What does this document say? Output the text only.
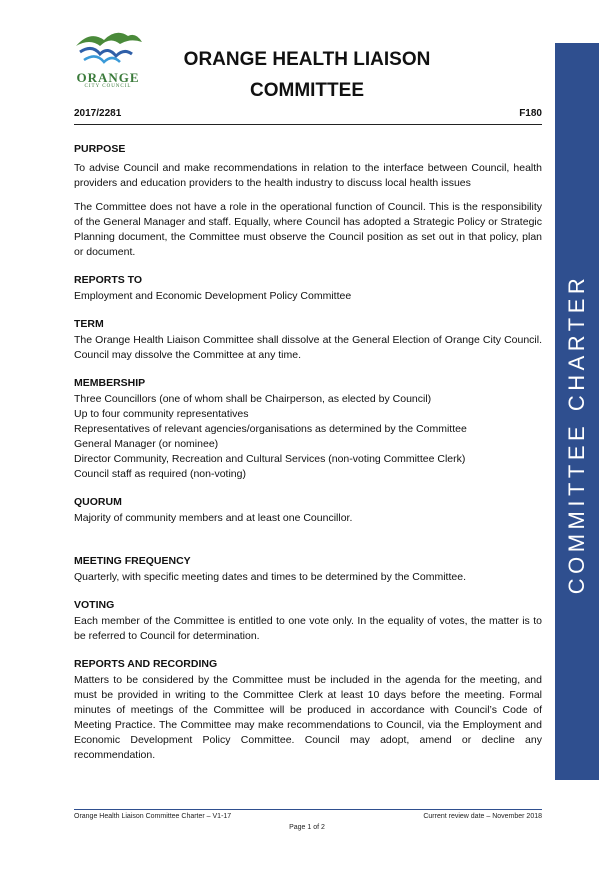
ORANGE
CITY COUNCIL
ORANGE HEALTH LIAISON
COMMITTEE
2017/2281	F180
COMMITTEE CHARTER
PURPOSE
To advise Council and make recommendations in relation to the interface between Council, health providers and education providers to the health industry to discuss local health issues
The Committee does not have a role in the operational function of Council. This is the responsibility of the General Manager and staff. Equally, where Council has adopted a Strategic Policy or Strategic Planning document, the Committee must observe the Council position as set out in that policy, plan or document.
REPORTS TO
Employment and Economic Development Policy Committee
TERM
The Orange Health Liaison Committee shall dissolve at the General Election of Orange City Council. Council may dissolve the Committee at any time.
MEMBERSHIP
Three Councillors (one of whom shall be Chairperson, as elected by Council)
Up to four community representatives
Representatives of relevant agencies/organisations as determined by the Committee
General Manager (or nominee)
Director Community, Recreation and Cultural Services (non-voting Committee Clerk)
Council staff as required (non-voting)
QUORUM
Majority of community members and at least one Councillor.
MEETING FREQUENCY
Quarterly, with specific meeting dates and times to be determined by the Committee.
VOTING
Each member of the Committee is entitled to one vote only. In the equality of votes, the matter is to be referred to Council for determination.
REPORTS AND RECORDING
Matters to be considered by the Committee must be included in the agenda for the meeting, and must be provided in writing to the Committee Clerk at least 10 days before the meeting. Formal minutes of meetings of the Committee will be produced in accordance with Council’s Code of Meeting Practice. The Committee may make recommendations to Council, via the Employment and Economic Development Policy Committee. Council may adopt, amend or decline any recommendation.
Orange Health Liaison Committee Charter – V1-17	Current review date – November 2018
Page 1 of 2
